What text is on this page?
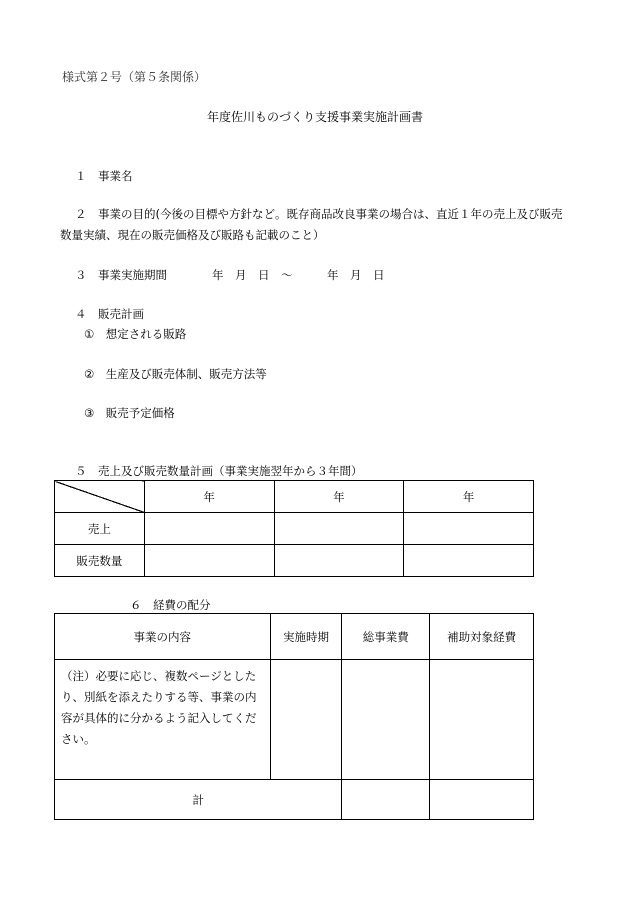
様式第２号（第５条関係）
年度佐川ものづくり支援事業実施計画書
１　事業名
２　事業の目的(今後の目標や方針など。既存商品改良事業の場合は、直近１年の売上及び販売
数量実績、現在の販売価格及び販路も記載のこと）
３　事業実施期間	年　月　日　～　　　年　月　日
４　販売計画
①　想定される販路
②　生産及び販売体制、販売方法等
③　販売予定価格
５　売上及び販売数量計画（事業実施翌年から３年間）
	年	年	年
売上			
販売数量			
６　経費の配分
事業の内容	実施時期	総事業費	補助対象経費
（注）必要に応じ、複数ページとしたり、別紙を添えたりする等、事業の内容が具体的に分かるよう記入してください。			
計			
